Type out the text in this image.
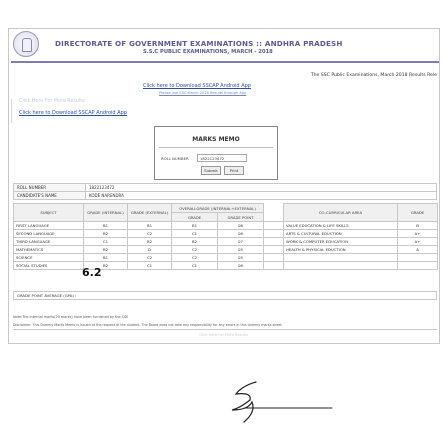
DIRECTORATE OF GOVERNMENT EXAMINATIONS :: ANDHRA PRADESH
S.S.C PUBLIC EXAMINATIONS, MARCH - 2018
The SSC Public Examinations, March 2018 Results Rele
Click here to Download SSCAP Android App
Please use SSC March 2018 Results through App
Click Here For More Results
Click here to Download SSCAP Android App
MARKS MEMO
ROLL NUMBER
1822123472
Submit	Print
ROLL NUMBER	1822123472
CANDIDATE'S NAME	KODE NARENDRA
SUBJECT	GRADE (INTERNAL)	GRADE (EXTERNAL)	OVERALLGRADE (INTERNAL+EXTERNAL)			CO-CURRICULAR AREA	GRADE
			GRADE	GRADE POINT			
FIRST LANGUAGE	B1	B1	B1	08		VALUE EDUCATION & LIFE SKILLS	B
SECOND LANGUAGE	B2	C2	C1	06		ARTS & CULTURAL EDUCTION	A+
THIRD LANGUAGE	C1	B2	B2	07		WORK & COMPUTER EDUCATION	A+
MATHEMATICS	B2	D	C2	05		HEALTH & PHYSICAL EDUCTION	A
SCIENCE	B1	C2	C2	05			
SOCIAL STUDIES	B2	C1	C1	06			
GRADE POINT AVERAGE (GPA) :
Note:The Internal marks(20 marks) have been furnished by the CSE
Disclaimer: This Dummy Marks Memo is issued at the request of the student. The Board does not take any responsibility for any errors in this dummy marks sheet.
Click Here For More Results
6.2
